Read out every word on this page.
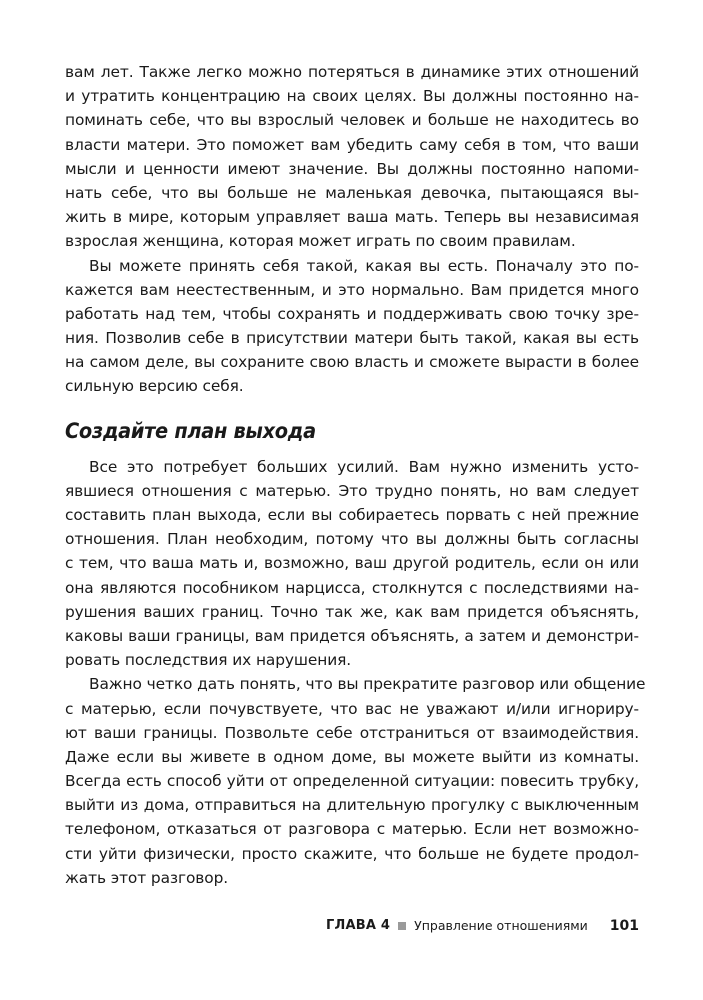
вам лет. Также легко можно потеряться в динамике этих отношений
и утратить концентрацию на своих целях. Вы должны постоянно на-
поминать себе, что вы взрослый человек и больше не находитесь во
власти матери. Это поможет вам убедить саму себя в том, что ваши
мысли и ценности имеют значение. Вы должны постоянно напоми-
нать себе, что вы больше не маленькая девочка, пытающаяся вы-
жить в мире, которым управляет ваша мать. Теперь вы независимая
взрослая женщина, которая может играть по своим правилам.
Вы можете принять себя такой, какая вы есть. Поначалу это по-
кажется вам неестественным, и это нормально. Вам придется много
работать над тем, чтобы сохранять и поддерживать свою точку зре-
ния. Позволив себе в присутствии матери быть такой, какая вы есть
на самом деле, вы сохраните свою власть и сможете вырасти в более
сильную версию себя.
Создайте план выхода
Все это потребует больших усилий. Вам нужно изменить усто-
явшиеся отношения с матерью. Это трудно понять, но вам следует
составить план выхода, если вы собираетесь порвать с ней прежние
отношения. План необходим, потому что вы должны быть согласны
с тем, что ваша мать и, возможно, ваш другой родитель, если он или
она являются пособником нарцисса, столкнутся с последствиями на-
рушения ваших границ. Точно так же, как вам придется объяснять,
каковы ваши границы, вам придется объяснять, а затем и демонстри-
ровать последствия их нарушения.
Важно четко дать понять, что вы прекратите разговор или общение
с матерью, если почувствуете, что вас не уважают и/или игнориру-
ют ваши границы. Позвольте себе отстраниться от взаимодействия.
Даже если вы живете в одном доме, вы можете выйти из комнаты.
Всегда есть способ уйти от определенной ситуации: повесить трубку,
выйти из дома, отправиться на длительную прогулку с выключенным
телефоном, отказаться от разговора с матерью. Если нет возможно-
сти уйти физически, просто скажите, что больше не будете продол-
жать этот разговор.
ГЛАВА 4 Управление отношениями 101
